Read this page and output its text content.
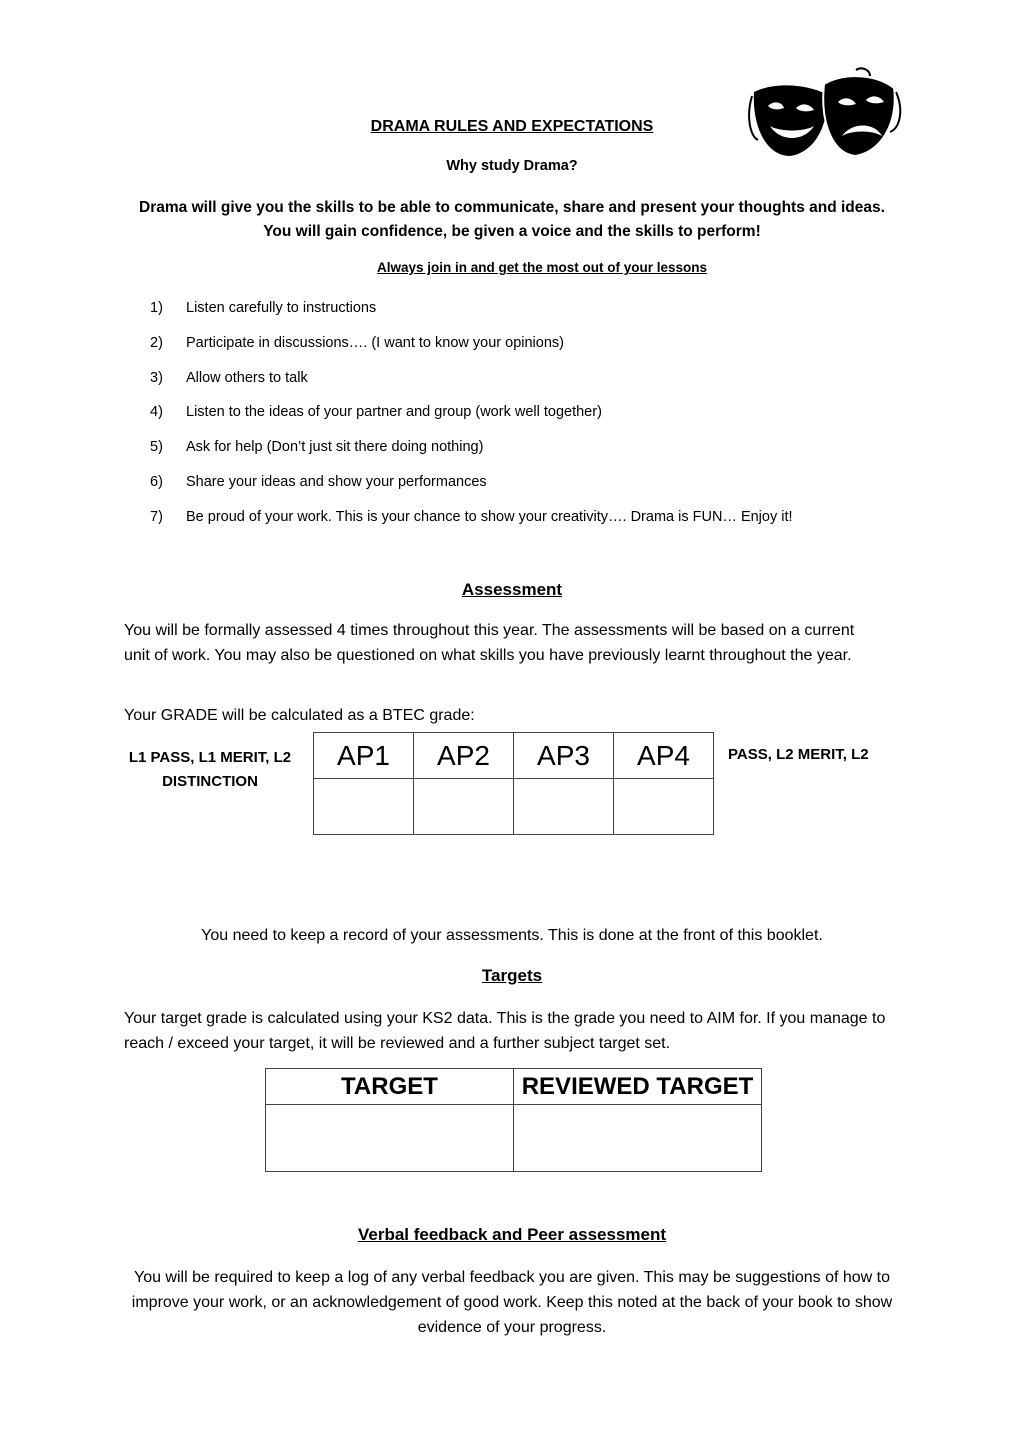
DRAMA RULES AND EXPECTATIONS
Why study Drama?
Drama will give you the skills to be able to communicate, share and present your thoughts and ideas. You will gain confidence, be given a voice and the skills to perform!
Always join in and get the most out of your lessons
1)	Listen carefully to instructions
2)	Participate in discussions…. (I want to know your opinions)
3)	Allow others to talk
4)	Listen to the ideas of your partner and group (work well together)
5)	Ask for help (Don’t just sit there doing nothing)
6)	Share your ideas and show your performances
7)	Be proud of your work. This is your chance to show your creativity…. Drama is FUN… Enjoy it!
Assessment
You will be formally assessed 4 times throughout this year. The assessments will be based on a current unit of work. You may also be questioned on what skills you have previously learnt throughout the year.
Your GRADE will be calculated as a BTEC grade:
L1 PASS, L1 MERIT, L2 DISTINCTION
AP1	AP2	AP3	AP4
				PASS, L2 MERIT, L2
You need to keep a record of your assessments. This is done at the front of this booklet.
Targets
Your target grade is calculated using your KS2 data. This is the grade you need to AIM for. If you manage to reach / exceed your target, it will be reviewed and a further subject target set.
TARGET	REVIEWED TARGET

Verbal feedback and Peer assessment
You will be required to keep a log of any verbal feedback you are given. This may be suggestions of how to improve your work, or an acknowledgement of good work. Keep this noted at the back of your book to show evidence of your progress.
